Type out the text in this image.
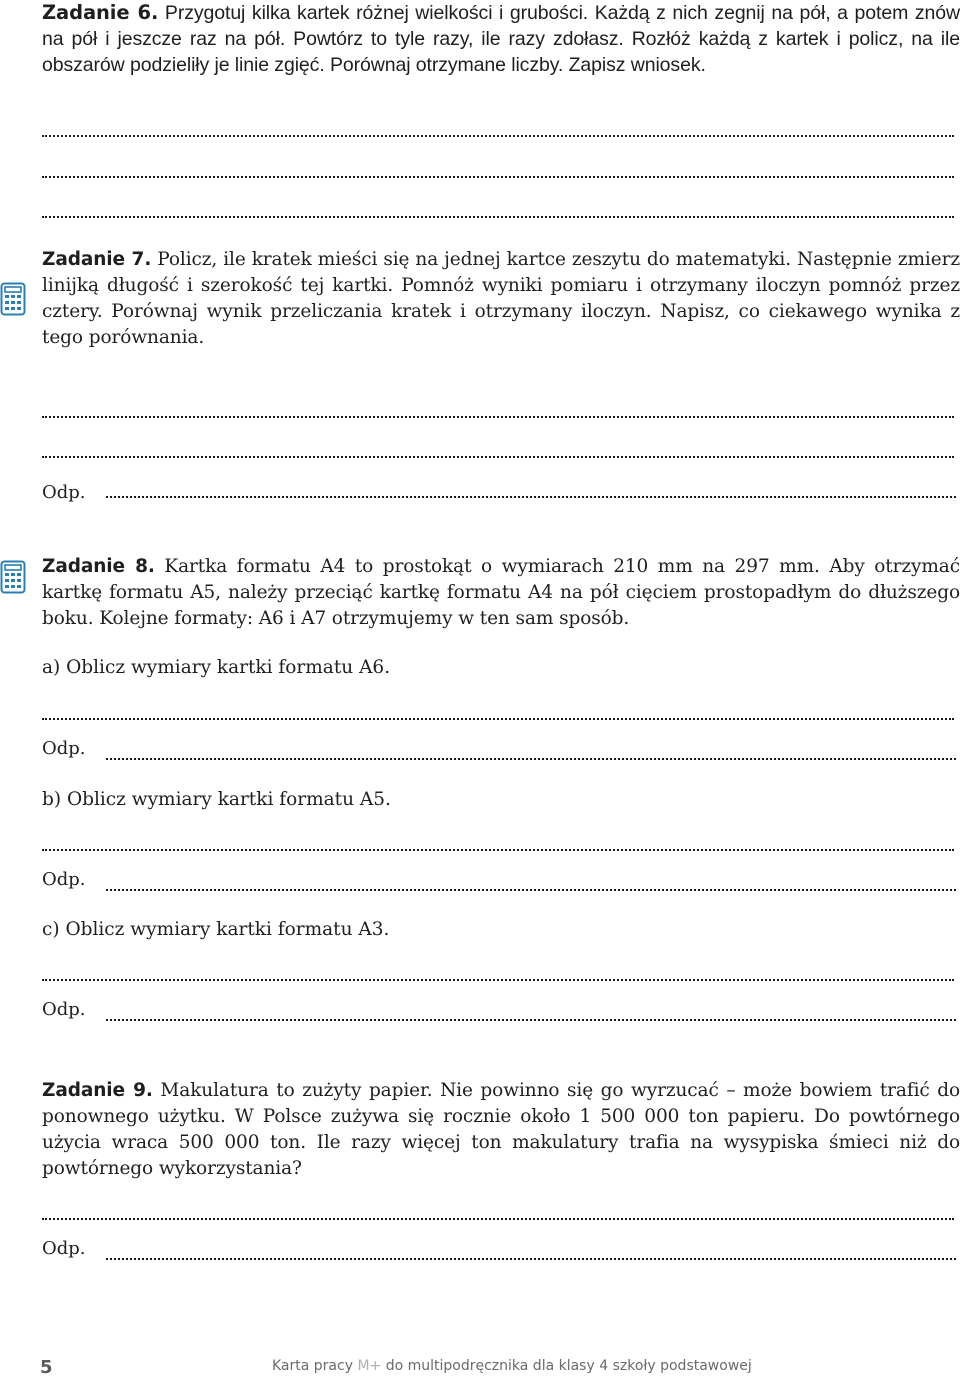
Zadanie 6. Przygotuj kilka kartek różnej wielkości i grubości. Każdą z nich zegnij na pół, a potem znów na pół i jeszcze raz na pół. Powtórz to tyle razy, ile razy zdołasz. Rozłóż każdą z kartek i policz, na ile obszarów podzieliły je linie zgięć. Porównaj otrzymane liczby. Zapisz wniosek.

Zadanie 7. Policz, ile kratek mieści się na jednej kartce zeszytu do matematyki. Następnie zmierz linijką długość i szerokość tej kartki. Pomnóż wyniki pomiaru i otrzymany iloczyn pomnóż przez cztery. Porównaj wynik przeliczania kratek i otrzymany iloczyn. Napisz, co ciekawego wynika z tego porównania.

Odp.

Zadanie 8. Kartka formatu A4 to prostokąt o wymiarach 210 mm na 297 mm. Aby otrzymać kartkę formatu A5, należy przeciąć kartkę formatu A4 na pół cięciem prostopadłym do dłuższego boku. Kolejne formaty: A6 i A7 otrzymujemy w ten sam sposób.

a) Oblicz wymiary kartki formatu A6.

Odp.

b) Oblicz wymiary kartki formatu A5.

Odp.

c) Oblicz wymiary kartki formatu A3.

Odp.

Zadanie 9. Makulatura to zużyty papier. Nie powinno się go wyrzucać – może bowiem trafić do ponownego użytku. W Polsce zużywa się rocznie około 1 500 000 ton papieru. Do powtórnego użycia wraca 500 000 ton. Ile razy więcej ton makulatury trafia na wysypiska śmieci niż do powtórnego wykorzystania?

Odp.
5	Karta pracy M+ do multipodręcznika dla klasy 4 szkoły podstawowej
